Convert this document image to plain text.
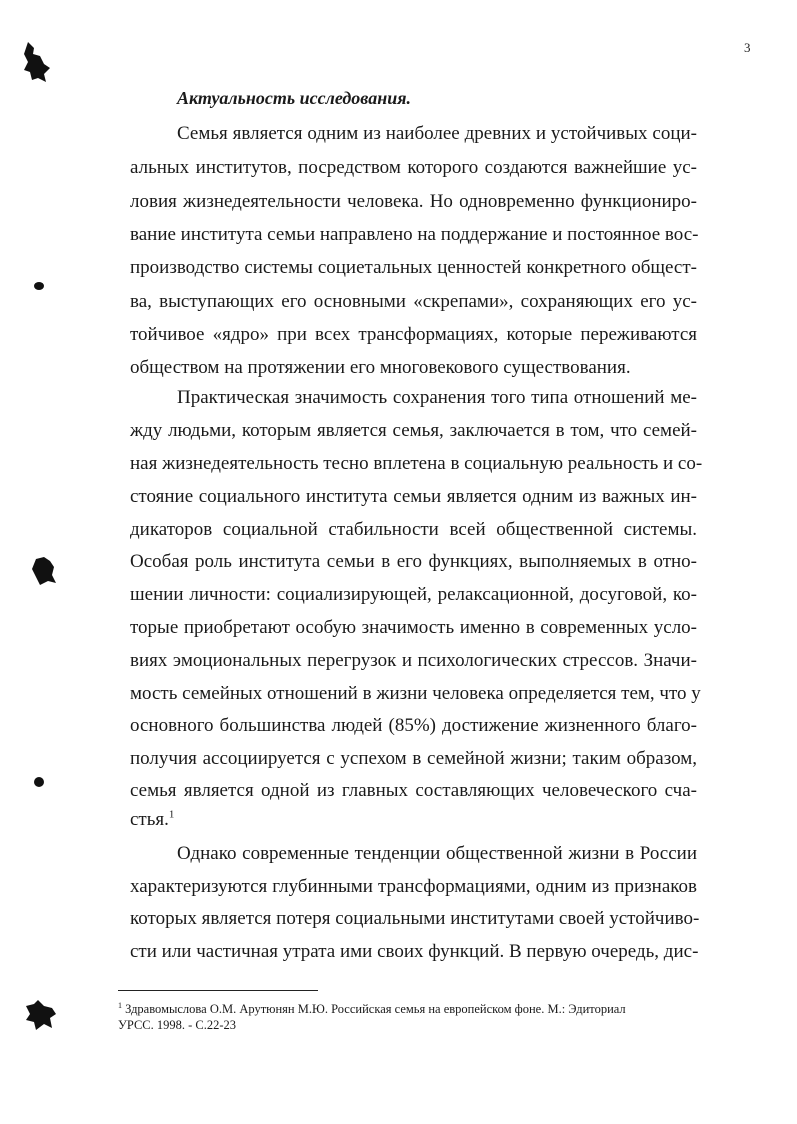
3
Актуальность исследования.
Семья является одним из наиболее древних и устойчивых соци-
альных институтов, посредством которого создаются важнейшие ус-
ловия жизнедеятельности человека. Но одновременно функциониро-
вание института семьи направлено на поддержание и постоянное вос-
производство системы социетальных ценностей конкретного общест-
ва, выступающих его основными «скрепами», сохраняющих его ус-
тойчивое «ядро» при всех трансформациях, которые переживаются
обществом на протяжении его многовекового существования.
Практическая значимость сохранения того типа отношений ме-
жду людьми, которым является семья, заключается в том, что семей-
ная жизнедеятельность тесно вплетена в социальную реальность и со-
стояние социального института семьи является одним из важных ин-
дикаторов социальной стабильности всей общественной системы.
Особая роль института семьи в его функциях, выполняемых в отно-
шении личности: социализирующей, релаксационной, досуговой, ко-
торые приобретают особую значимость именно в современных усло-
виях эмоциональных перегрузок и психологических стрессов. Значи-
мость семейных отношений в жизни человека определяется тем, что у
основного большинства людей (85%) достижение жизненного благо-
получия ассоциируется с успехом в семейной жизни; таким образом,
семья является одной из главных составляющих человеческого сча-
стья.$^1$
Однако современные тенденции общественной жизни в России
характеризуются глубинными трансформациями, одним из признаков
которых является потеря социальными институтами своей устойчиво-
сти или частичная утрата ими своих функций. В первую очередь, дис-
$^1$ Здравомыслова О.М. Арутюнян М.Ю. Российская семья на европейском фоне. М.: Эдиториал
УРСС. 1998. - С.22-23
